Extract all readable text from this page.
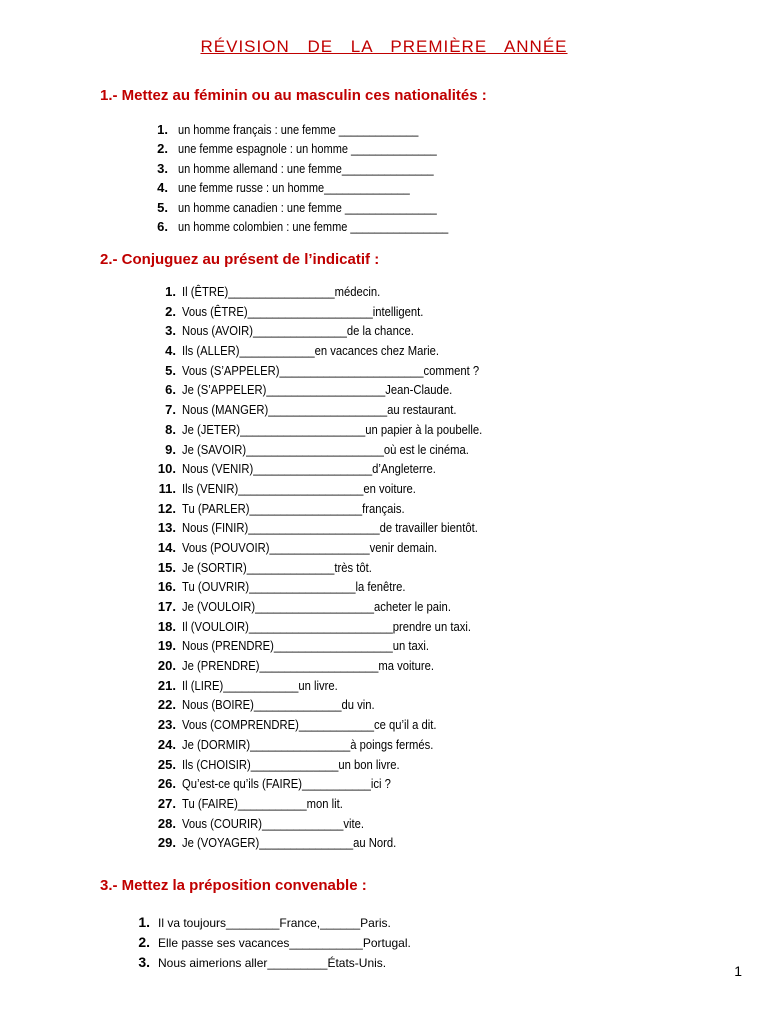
RÉVISION DE LA PREMIÈRE ANNÉE
1.- Mettez au féminin ou au masculin ces nationalités :
1. un homme français : une femme _____________
2. une femme espagnole : un homme ______________
3. un homme allemand : une femme_______________
4. une femme russe : un homme______________
5. un homme canadien : une femme _______________
6. un homme colombien : une femme ________________
2.- Conjuguez au présent de l’indicatif :
1. Il (ÊTRE)_________________médecin.
2. Vous (ÊTRE)____________________intelligent.
3. Nous (AVOIR)_______________de la chance.
4. Ils (ALLER)____________en vacances chez Marie.
5. Vous (S’APPELER)_______________________comment ?
6. Je (S’APPELER)___________________Jean-Claude.
7. Nous (MANGER)___________________au restaurant.
8. Je (JETER)____________________un papier à la poubelle.
9. Je (SAVOIR)______________________où est le cinéma.
10. Nous (VENIR)___________________d’Angleterre.
11. Ils (VENIR)____________________en voiture.
12. Tu (PARLER)__________________français.
13. Nous (FINIR)_____________________de travailler bientôt.
14. Vous (POUVOIR)________________venir demain.
15. Je (SORTIR)______________très tôt.
16. Tu (OUVRIR)_________________la fenêtre.
17. Je (VOULOIR)___________________acheter le pain.
18. Il (VOULOIR)_______________________prendre un taxi.
19. Nous (PRENDRE)___________________un taxi.
20. Je (PRENDRE)___________________ma voiture.
21. Il (LIRE)____________un livre.
22. Nous (BOIRE)______________du vin.
23. Vous (COMPRENDRE)____________ce qu’il a dit.
24. Je (DORMIR)________________à poings fermés.
25. Ils (CHOISIR)______________un bon livre.
26. Qu’est-ce qu’ils (FAIRE)___________ici ?
27. Tu (FAIRE)___________mon lit.
28. Vous (COURIR)_____________vite.
29. Je (VOYAGER)_______________au Nord.
3.- Mettez la préposition convenable :
1. Il va toujours________France,______Paris.
2. Elle passe ses vacances___________Portugal.
3. Nous aimerions aller_________États-Unis.	1
